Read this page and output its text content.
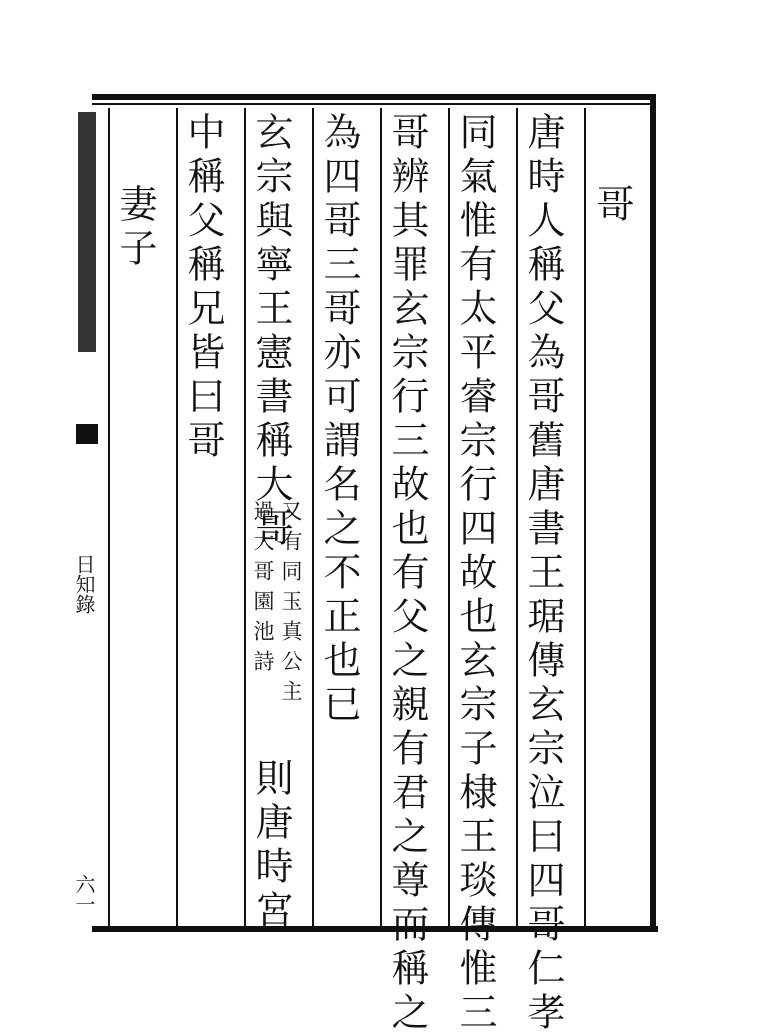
日知錄
六一
哥
唐時人稱父為哥舊唐書王琚傳玄宗泣曰四哥仁孝
同氣惟有太平睿宗行四故也玄宗子棣王琰傳惟三
哥辨其罪玄宗行三故也有父之親有君之尊而稱之
為四哥三哥亦可謂名之不正也已
玄宗與寧王憲書稱大哥
又有同玉真公主
過大哥園池詩
則唐時宮
中稱父稱兄皆曰哥
妻子
